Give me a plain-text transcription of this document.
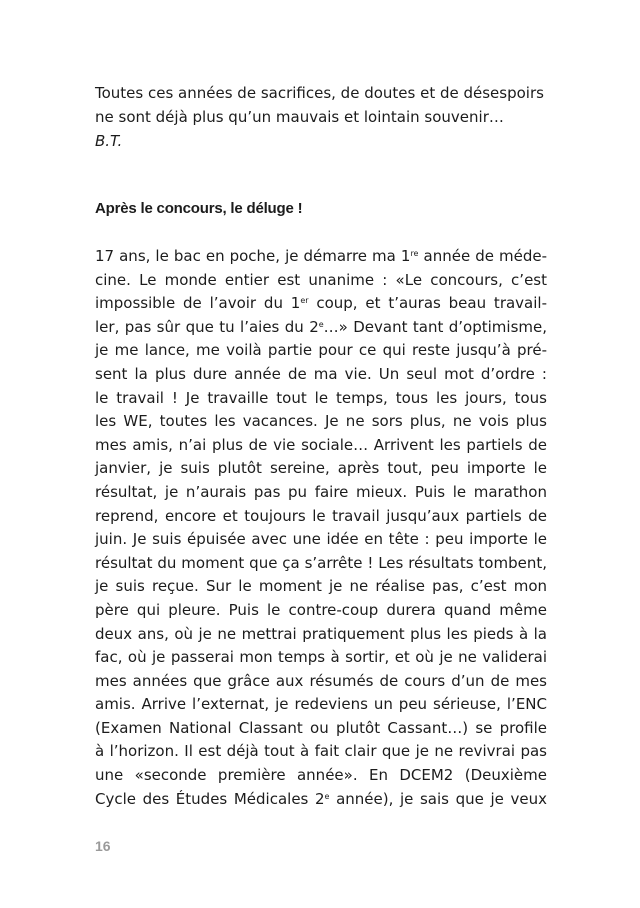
Toutes ces années de sacrifices, de doutes et de désespoirs

ne sont déjà plus qu’un mauvais et lointain souvenir…

B.T.

Après le concours, le déluge !
17 ans, le bac en poche, je démarre ma 1re année de méde-
cine. Le monde entier est unanime : «Le concours, c’est
impossible de l’avoir du 1er coup, et t’auras beau travail-
ler, pas sûr que tu l’aies du 2e…» Devant tant d’optimisme,
je me lance, me voilà partie pour ce qui reste jusqu’à pré-
sent la plus dure année de ma vie. Un seul mot d’ordre :
le travail ! Je travaille tout le temps, tous les jours, tous
les WE, toutes les vacances. Je ne sors plus, ne vois plus
mes amis, n’ai plus de vie sociale… Arrivent les partiels de
janvier, je suis plutôt sereine, après tout, peu importe le
résultat, je n’aurais pas pu faire mieux. Puis le marathon
reprend, encore et toujours le travail jusqu’aux partiels de
juin. Je suis épuisée avec une idée en tête : peu importe le
résultat du moment que ça s’arrête ! Les résultats tombent,
je suis reçue. Sur le moment je ne réalise pas, c’est mon
père qui pleure. Puis le contre-coup durera quand même
deux ans, où je ne mettrai pratiquement plus les pieds à la
fac, où je passerai mon temps à sortir, et où je ne validerai
mes années que grâce aux résumés de cours d’un de mes
amis. Arrive l’externat, je redeviens un peu sérieuse, l’ENC
(Examen National Classant ou plutôt Cassant…) se profile
à l’horizon. Il est déjà tout à fait clair que je ne revivrai pas
une «seconde première année». En DCEM2 (Deuxième
Cycle des Études Médicales 2e année), je sais que je veux
16
